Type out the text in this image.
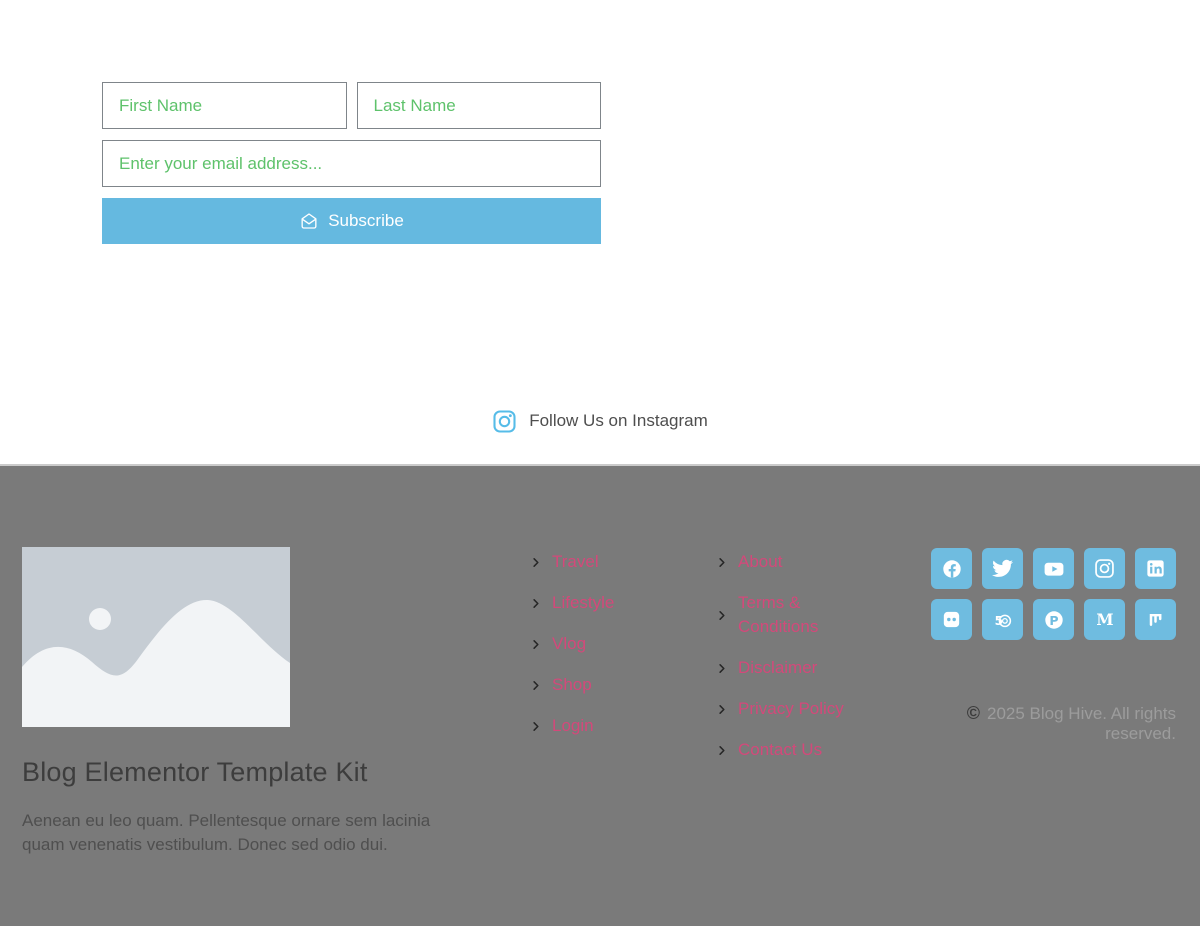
First Name
Last Name
Enter your email address...
Subscribe
Follow Us on Instagram
Blog Elementor Template Kit

Aenean eu leo quam. Pellentesque ornare sem lacinia quam venenatis vestibulum. Donec sed odio dui.

Travel
Lifestyle
Vlog
Shop
Login
About
Terms & Conditions
Disclaimer
Privacy Policy
Contact Us
5	P M
© 2025 Blog Hive. All rights reserved.
